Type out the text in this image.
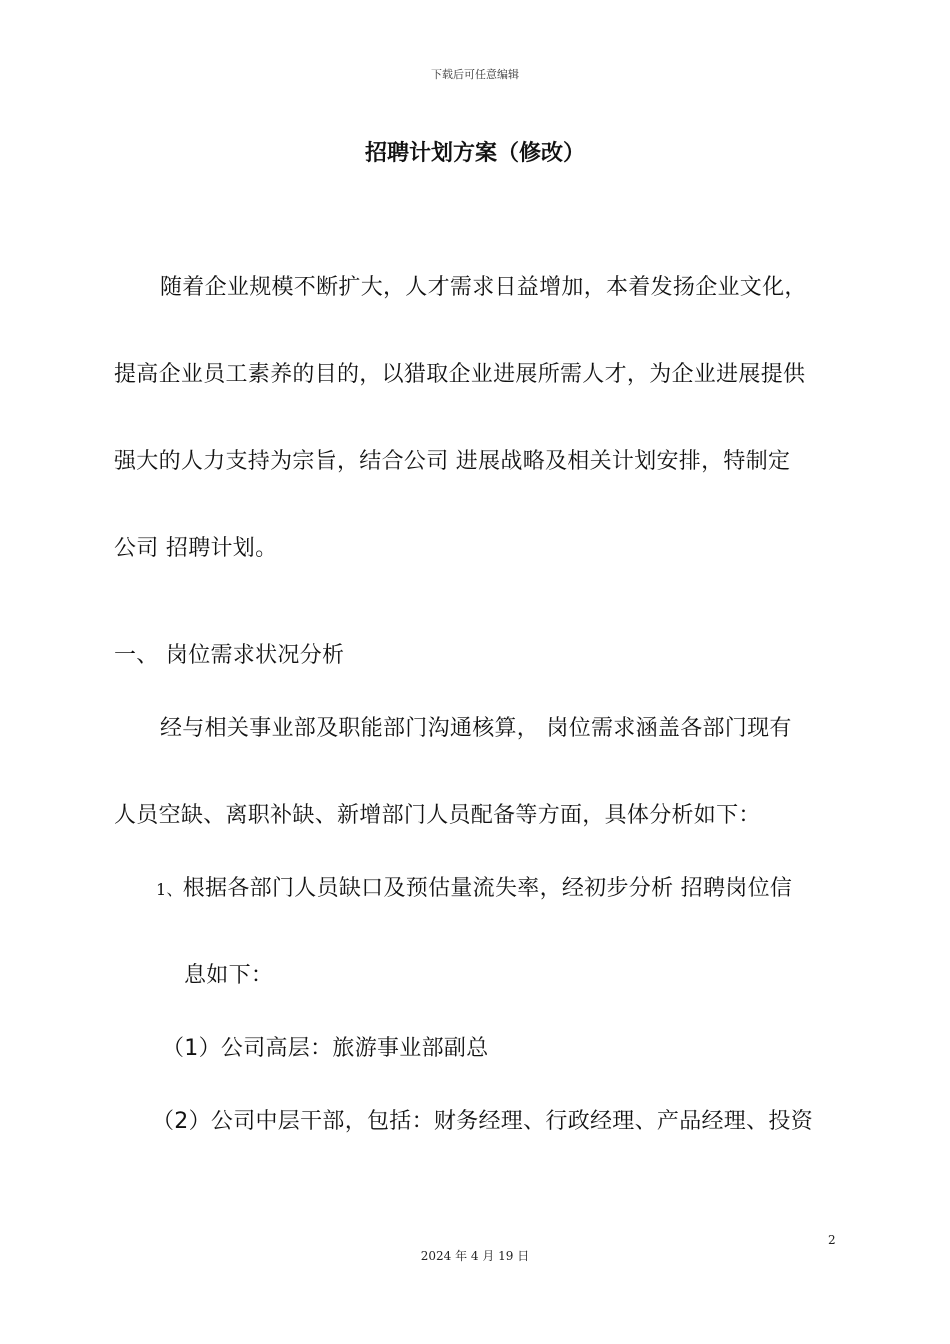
下载后可任意编辑
招聘计划方案（修改）
随着企业规模不断扩大，人才需求日益增加，本着发扬企业文化，
提高企业员工素养的目的，以猎取企业进展所需人才，为企业进展提供
强大的人力支持为宗旨，结合公司 进展战略及相关计划安排，特制定
公司 招聘计划。
一、 岗位需求状况分析
经与相关事业部及职能部门沟通核算， 岗位需求涵盖各部门现有
人员空缺、离职补缺、新增部门人员配备等方面，具体分析如下：
1、根据各部门人员缺口及预估量流失率，经初步分析 招聘岗位信
息如下：
（1）公司高层：旅游事业部副总
（2）公司中层干部，包括：财务经理、行政经理、产品经理、投资
2
2024 年 4 月 19 日
